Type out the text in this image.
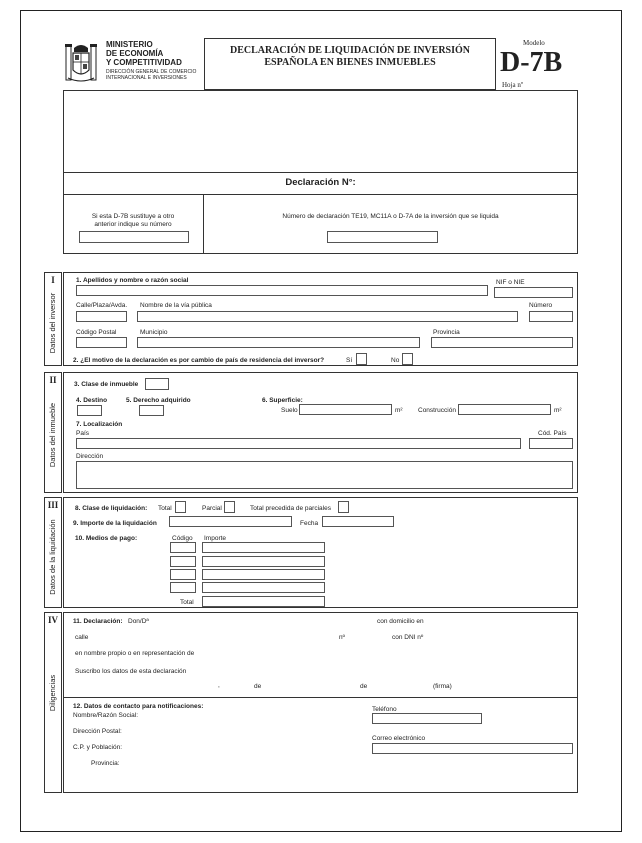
MINISTERIO
DE ECONOMÍA
Y COMPETITIVIDAD
DIRECCIÓN GENERAL DE COMERCIO
INTERNACIONAL E INVERSIONES
DECLARACIÓN DE LIQUIDACIÓN DE INVERSIÓN
ESPAÑOLA EN BIENES INMUEBLES
Modelo
D-7B
Hoja nº
Declaración N°:
Si esta D-7B sustituye a otro
anterior indique su número
Número de declaración TE19, MC11A o D-7A de la inversión que se liquida
I
Datos del inversor
1. Apellidos y nombre o razón social	NIF o NIE
Calle/Plaza/Avda. Nombre de la vía pública	Número
Código Postal	Municipio	Provincia
2. ¿El motivo de la declaración es por cambio de país de residencia del inversor?	Sí	No
II
Datos del inmueble
3. Clase de inmueble
4. Destino	5. Derecho adquirido	6. Superficie:
Suelo	m² Construcción	m²
7. Localización
País	Cód. País
Dirección
III
Datos de la liquidación
8. Clase de liquidación: Total	Parcial	Total precedida de parciales
9. Importe de la liquidación	Fecha
10. Medios de pago:	Código Importe
Total
IV
Diligencias
11. Declaración: Don/Dª	con domicilio en
calle	nº	con DNI nº
en nombre propio o en representación de
Suscribo los datos de esta declaración
,	de	de	(firma)
12. Datos de contacto para notificaciones:
Nombre/Razón Social:
Dirección Postal:
C.P. y Población:
Provincia:
Teléfono
Correo electrónico
